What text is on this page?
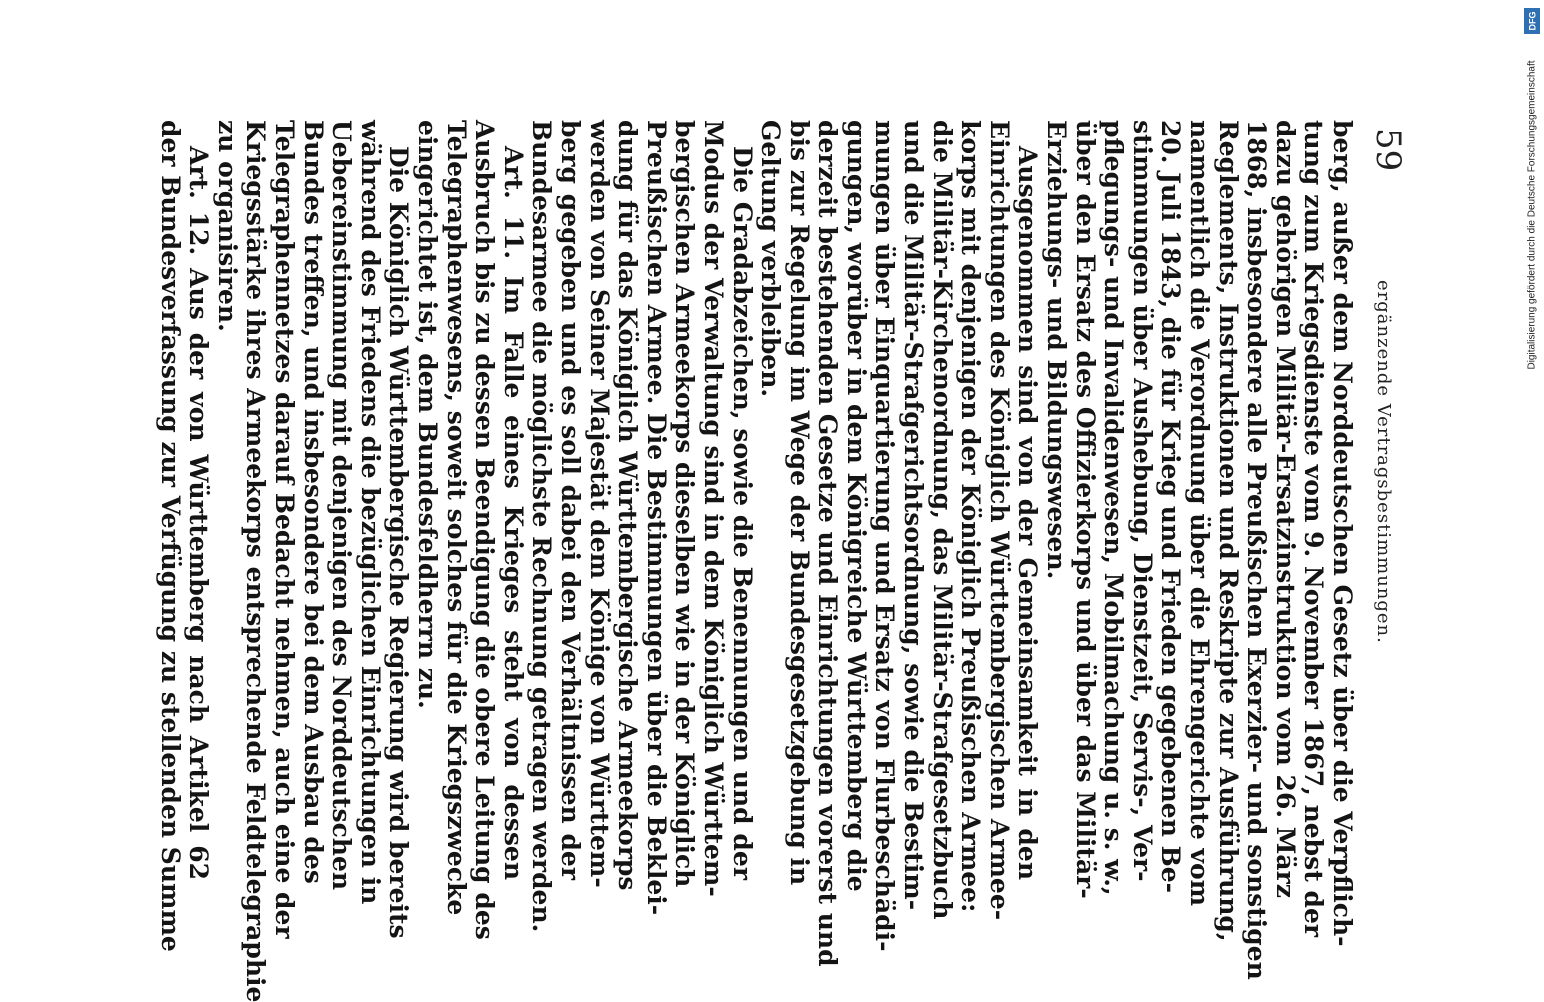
59
ergänzende Vertragsbestimmungen.
berg, außer dem Norddeutschen Gesetz über die Verpflich-
tung zum Kriegsdienste vom 9. November 1867, nebst der
dazu gehörigen Militär-Ersatzinstruktion vom 26. März
1868, insbesondere alle Preußischen Exerzier- und sonstigen
Reglements, Instruktionen und Reskripte zur Ausführung,
namentlich die Verordnung über die Ehrengerichte vom
20. Juli 1843, die für Krieg und Frieden gegebenen Be-
stimmungen über Aushebung, Dienstzeit, Servis-, Ver-
pflegungs- und Invalidenwesen, Mobilmachung u. s. w.,
über den Ersatz des Offizierkorps und über das Militär-
Erziehungs- und Bildungswesen.
Ausgenommen sind von der Gemeinsamkeit in den
Einrichtungen des Königlich Württembergischen Armee-
korps mit denjenigen der Königlich Preußischen Armee:
die Militär-Kirchenordnung, das Militär-Strafgesetzbuch
und die Militär-Strafgerichtsordnung, sowie die Bestim-
mungen über Einquartierung und Ersatz von Flurbeschädi-
gungen, worüber in dem Königreiche Württemberg die
derzeit bestehenden Gesetze und Einrichtungen vorerst und
bis zur Regelung im Wege der Bundesgesetzgebung in
Geltung verbleiben.
Die Gradabzeichen, sowie die Benennungen und der
Modus der Verwaltung sind in dem Königlich Württem-
bergischen Armeekorps dieselben wie in der Königlich
Preußischen Armee. Die Bestimmungen über die Beklei-
dung für das Königlich Württembergische Armeekorps
werden von Seiner Majestät dem Könige von Württem-
berg gegeben und es soll dabei den Verhältnissen der
Bundesarmee die möglichste Rechnung getragen werden.
Art. 11. Im Falle eines Krieges steht von dessen
Ausbruch bis zu dessen Beendigung die obere Leitung des
Telegraphenwesens, soweit solches für die Kriegszwecke
eingerichtet ist, dem Bundesfeldherrn zu.
Die Königlich Württembergische Regierung wird bereits
während des Friedens die bezüglichen Einrichtungen in
Uebereinstimmung mit denjenigen des Norddeutschen
Bundes treffen, und insbesondere bei dem Ausbau des
Telegraphennetzes darauf Bedacht nehmen, auch eine der
Kriegsstärke ihres Armeekorps entsprechende Feldtelegraphie
zu organisiren.
Art. 12. Aus der von Württemberg nach Artikel 62
der Bundesverfassung zur Verfügung zu stellenden Summe
DFG
Digitalisierung gefördert durch die Deutsche Forschungsgemeinschaft
